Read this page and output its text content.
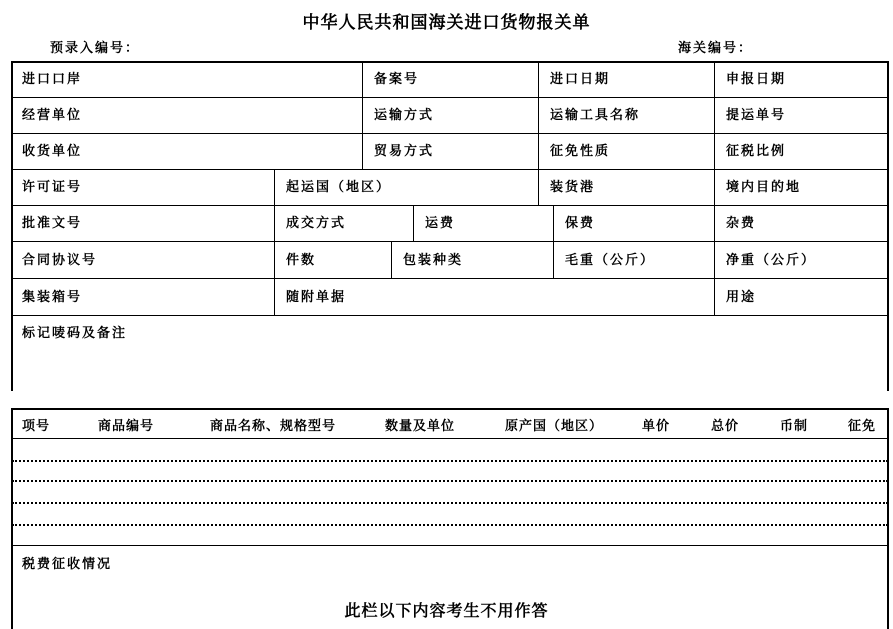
中华人民共和国海关进口货物报关单
预录入编号：	海关编号：
进口口岸	备案号	进口日期	申报日期
经营单位	运输方式	运输工具名称	提运单号
收货单位	贸易方式	征免性质	征税比例
许可证号	起运国（地区）	装货港	境内目的地
批准文号	成交方式	运费	保费	杂费
合同协议号	件数	包装种类	毛重（公斤）	净重（公斤）
集装箱号	随附单据	用途
标记唛码及备注
项号	商品编号	商品名称、规格型号	数量及单位	原产国（地区）	单价	总价	币制	征免
税费征收情况
此栏以下内容考生不用作答
